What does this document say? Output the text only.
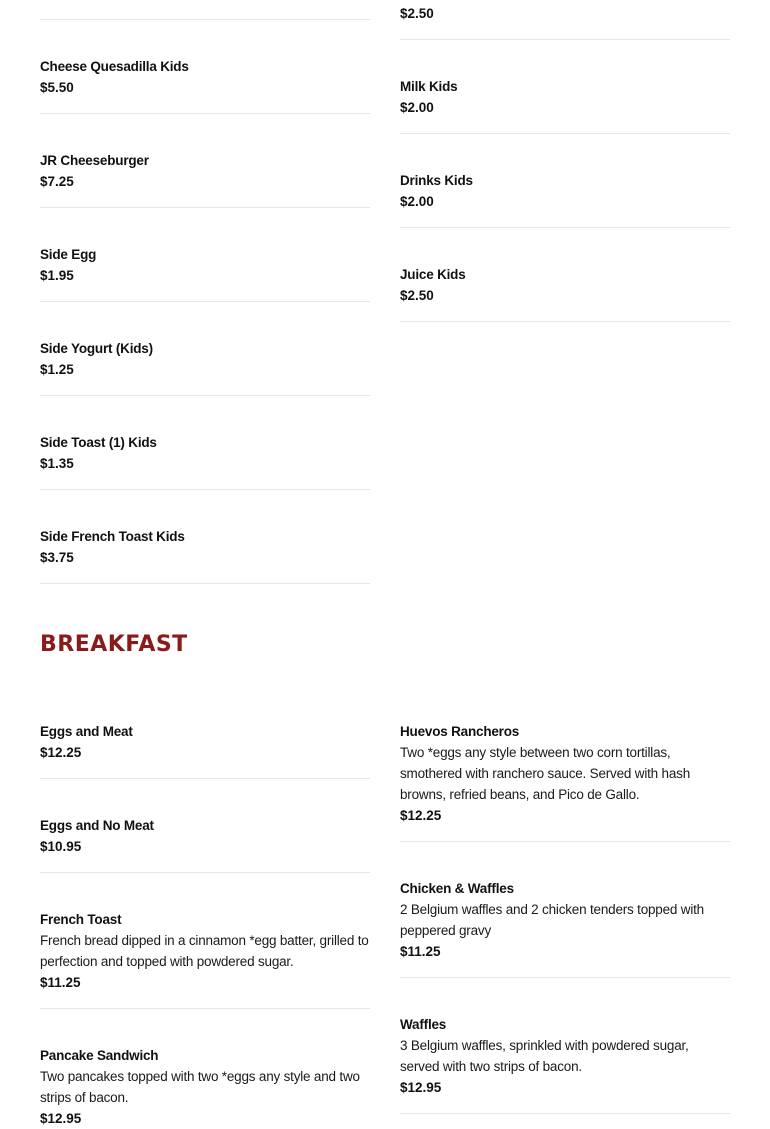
Cheese Quesadilla Kids

$5.50

JR Cheeseburger

$7.25

Side Egg

$1.95

Side Yogurt (Kids)

$1.25

Side Toast (1) Kids

$1.35

Side French Toast Kids

$3.75

$2.50

Milk Kids

$2.00

Drinks Kids

$2.00

Juice Kids

$2.50

BREAKFAST

Eggs and Meat

$12.25

Eggs and No Meat

$10.95

French Toast

French bread dipped in a cinnamon *egg batter, grilled to perfection and topped with powdered sugar.

$11.25

Pancake Sandwich

Two pancakes topped with two *eggs any style and two strips of bacon.

$12.95

Huevos Rancheros

Two *eggs any style between two corn tortillas, smothered with ranchero sauce. Served with hash browns, refried beans, and Pico de Gallo.

$12.25

Chicken & Waffles

2 Belgium waffles and 2 chicken tenders topped with peppered gravy

$11.25

Waffles

3 Belgium waffles, sprinkled with powdered sugar, served with two strips of bacon.

$12.95
